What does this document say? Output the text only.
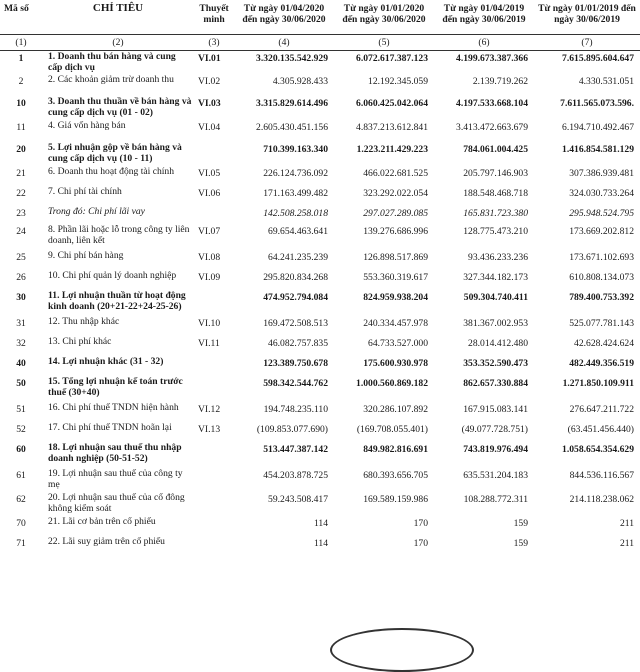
Mã số	CHỈ TIÊU	Thuyết minh	Từ ngày 01/04/2020 đến ngày 30/06/2020	Từ ngày 01/01/2020 đến ngày 30/06/2020	Từ ngày 01/04/2019 đến ngày 30/06/2019	Từ ngày 01/01/2019 đến ngày 30/06/2019
(1)	(2)	(3)	(4)	(5)	(6)	(7)
1	1. Doanh thu bán hàng và cung cấp dịch vụ	VI.01	3.320.135.542.929	6.072.617.387.123	4.199.673.387.366	7.615.895.604.647
2	2. Các khoản giảm trừ doanh thu	VI.02	4.305.928.433	12.192.345.059	2.139.719.262	4.330.531.051
10	3. Doanh thu thuần về bán hàng và cung cấp dịch vụ (01 - 02)	VI.03	3.315.829.614.496	6.060.425.042.064	4.197.533.668.104	7.611.565.073.596.
11	4. Giá vốn hàng bán	VI.04	2.605.430.451.156	4.837.213.612.841	3.413.472.663.679	6.194.710.492.467
20	5. Lợi nhuận gộp về bán hàng và cung cấp dịch vụ (10 - 11)		710.399.163.340	1.223.211.429.223	784.061.004.425	1.416.854.581.129
21	6. Doanh thu hoạt động tài chính	VI.05	226.124.736.092	466.022.681.525	205.797.146.903	307.386.939.481
22	7. Chi phí tài chính	VI.06	171.163.499.482	323.292.022.054	188.548.468.718	324.030.733.264
23	Trong đó: Chi phí lãi vay		142.508.258.018	297.027.289.085	165.831.723.380	295.948.524.795
24	8. Phần lãi hoặc lỗ trong công ty liên doanh, liên kết	VI.07	69.654.463.641	139.276.686.996	128.775.473.210	173.669.202.812
25	9. Chi phí bán hàng	VI.08	64.241.235.239	126.898.517.869	93.436.233.236	173.671.102.693
26	10. Chi phí quản lý doanh nghiệp	VI.09	295.820.834.268	553.360.319.617	327.344.182.173	610.808.134.073
30	11. Lợi nhuận thuần từ hoạt động kinh doanh (20+21-22+24-25-26)		474.952.794.084	824.959.938.204	509.304.740.411	789.400.753.392
31	12. Thu nhập khác	VI.10	169.472.508.513	240.334.457.978	381.367.002.953	525.077.781.143
32	13. Chi phí khác	VI.11	46.082.757.835	64.733.527.000	28.014.412.480	42.628.424.624
40	14. Lợi nhuận khác (31 - 32)		123.389.750.678	175.600.930.978	353.352.590.473	482.449.356.519
50	15. Tổng lợi nhuận kế toán trước thuế (30+40)		598.342.544.762	1.000.560.869.182	862.657.330.884	1.271.850.109.911
51	16. Chi phí thuế TNDN hiện hành	VI.12	194.748.235.110	320.286.107.892	167.915.083.141	276.647.211.722
52	17. Chi phí thuế TNDN hoãn lại	VI.13	(109.853.077.690)	(169.708.055.401)	(49.077.728.751)	(63.451.456.440)
60	18. Lợi nhuận sau thuế thu nhập doanh nghiệp (50-51-52)		513.447.387.142	849.982.816.691	743.819.976.494	1.058.654.354.629
61	19. Lợi nhuận sau thuế của công ty mẹ		454.203.878.725	680.393.656.705	635.531.204.183	844.536.116.567
62	20. Lợi nhuận sau thuế của cổ đông không kiểm soát		59.243.508.417	169.589.159.986	108.288.772.311	214.118.238.062
70	21. Lãi cơ bản trên cổ phiếu		114	170	159	211
71	22. Lãi suy giảm trên cổ phiếu		114	170	159	211
